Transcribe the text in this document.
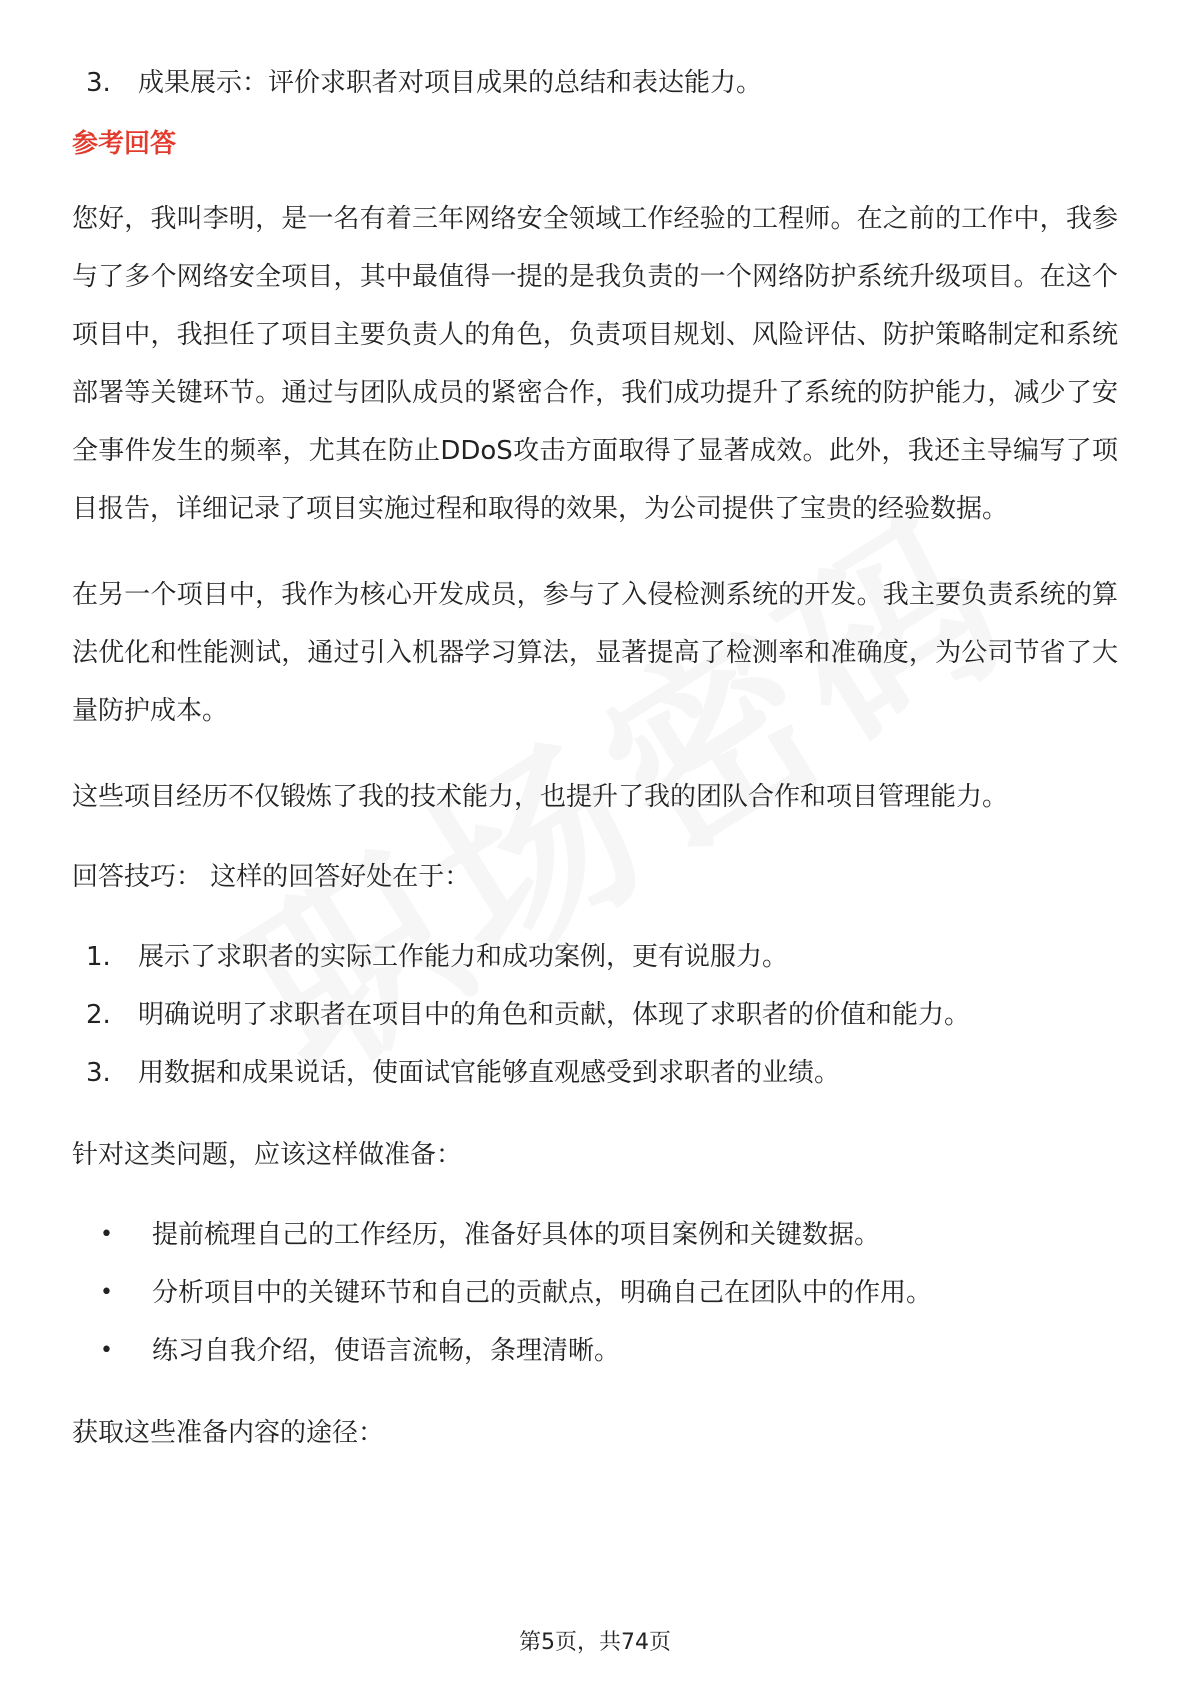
3.	成果展示：评价求职者对项目成果的总结和表达能力。
参考回答

您好，我叫李明，是一名有着三年网络安全领域工作经验的工程师。在之前的工作中，我参与了多个网络安全项目，其中最值得一提的是我负责的一个网络防护系统升级项目。在这个项目中，我担任了项目主要负责人的角色，负责项目规划、风险评估、防护策略制定和系统部署等关键环节。通过与团队成员的紧密合作，我们成功提升了系统的防护能力，减少了安全事件发生的频率，尤其在防止DDoS攻击方面取得了显著成效。此外，我还主导编写了项目报告，详细记录了项目实施过程和取得的效果，为公司提供了宝贵的经验数据。

在另一个项目中，我作为核心开发成员，参与了入侵检测系统的开发。我主要负责系统的算法优化和性能测试，通过引入机器学习算法，显著提高了检测率和准确度，为公司节省了大量防护成本。

这些项目经历不仅锻炼了我的技术能力，也提升了我的团队合作和项目管理能力。

回答技巧： 这样的回答好处在于：
1.	展示了求职者的实际工作能力和成功案例，更有说服力。
2.	明确说明了求职者在项目中的角色和贡献，体现了求职者的价值和能力。
3.	用数据和成果说话，使面试官能够直观感受到求职者的业绩。
针对这类问题，应该这样做准备：
•	提前梳理自己的工作经历，准备好具体的项目案例和关键数据。
•	分析项目中的关键环节和自己的贡献点，明确自己在团队中的作用。
•	练习自我介绍，使语言流畅，条理清晰。
获取这些准备内容的途径：
第5页，共74页
